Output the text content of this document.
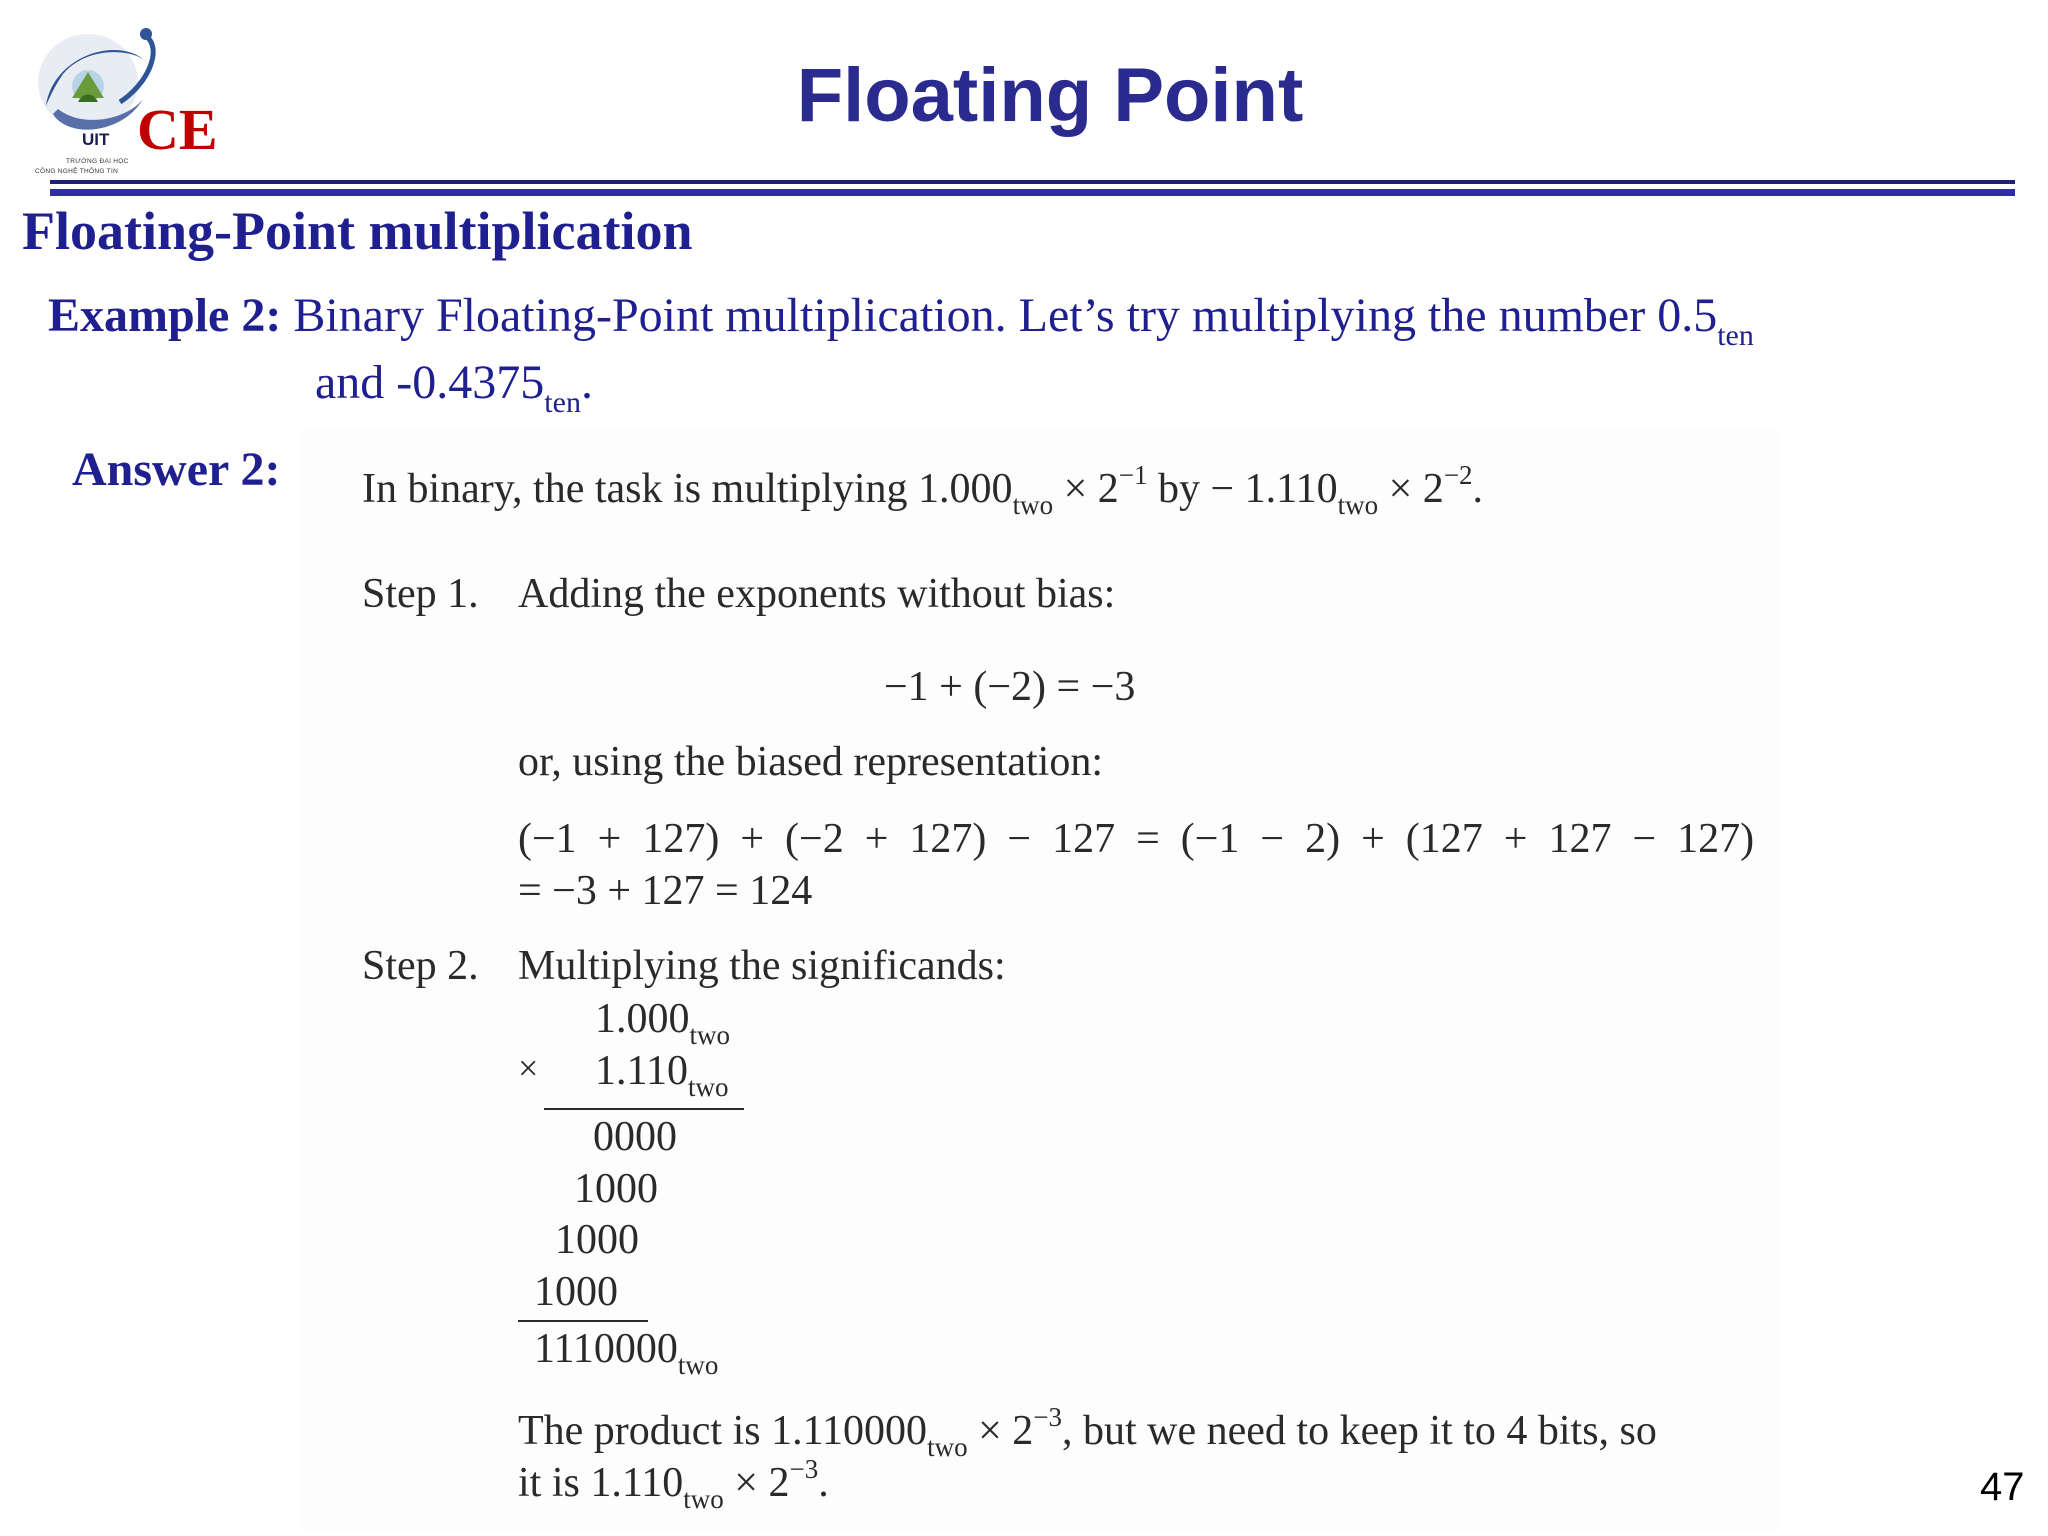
CE
UIT
TRƯỜNG ĐẠI HỌC
CÔNG NGHỆ THÔNG TIN
Floating Point
Floating-Point multiplication
Example 2: Binary Floating-Point multiplication. Let’s try multiplying the number $0.5_{ten}$
and $-0.4375_{ten}$.
Answer 2: In binary, the task is multiplying $1.000_{two} \times 2^{-1}$ by − $1.110_{two} \times 2^{-2}$.
Step 1. Adding the exponents without bias:
−1 + (−2) = −3
or, using the biased representation:
(−1  +  127)  +  (−2  +  127)  −  127  =  (−1  −  2)  +  (127  +  127  −  127)
= −3 + 127 = 124
Step 2. Multiplying the significands:
$1.000_{two}$
× $1.110_{two}$
0000
1000
1000
1000
$1110000_{two}$
The product is $1.110000_{two} \times 2^{-3}$, but we need to keep it to 4 bits, so
it is $1.110_{two} \times 2^{-3}$.	47
